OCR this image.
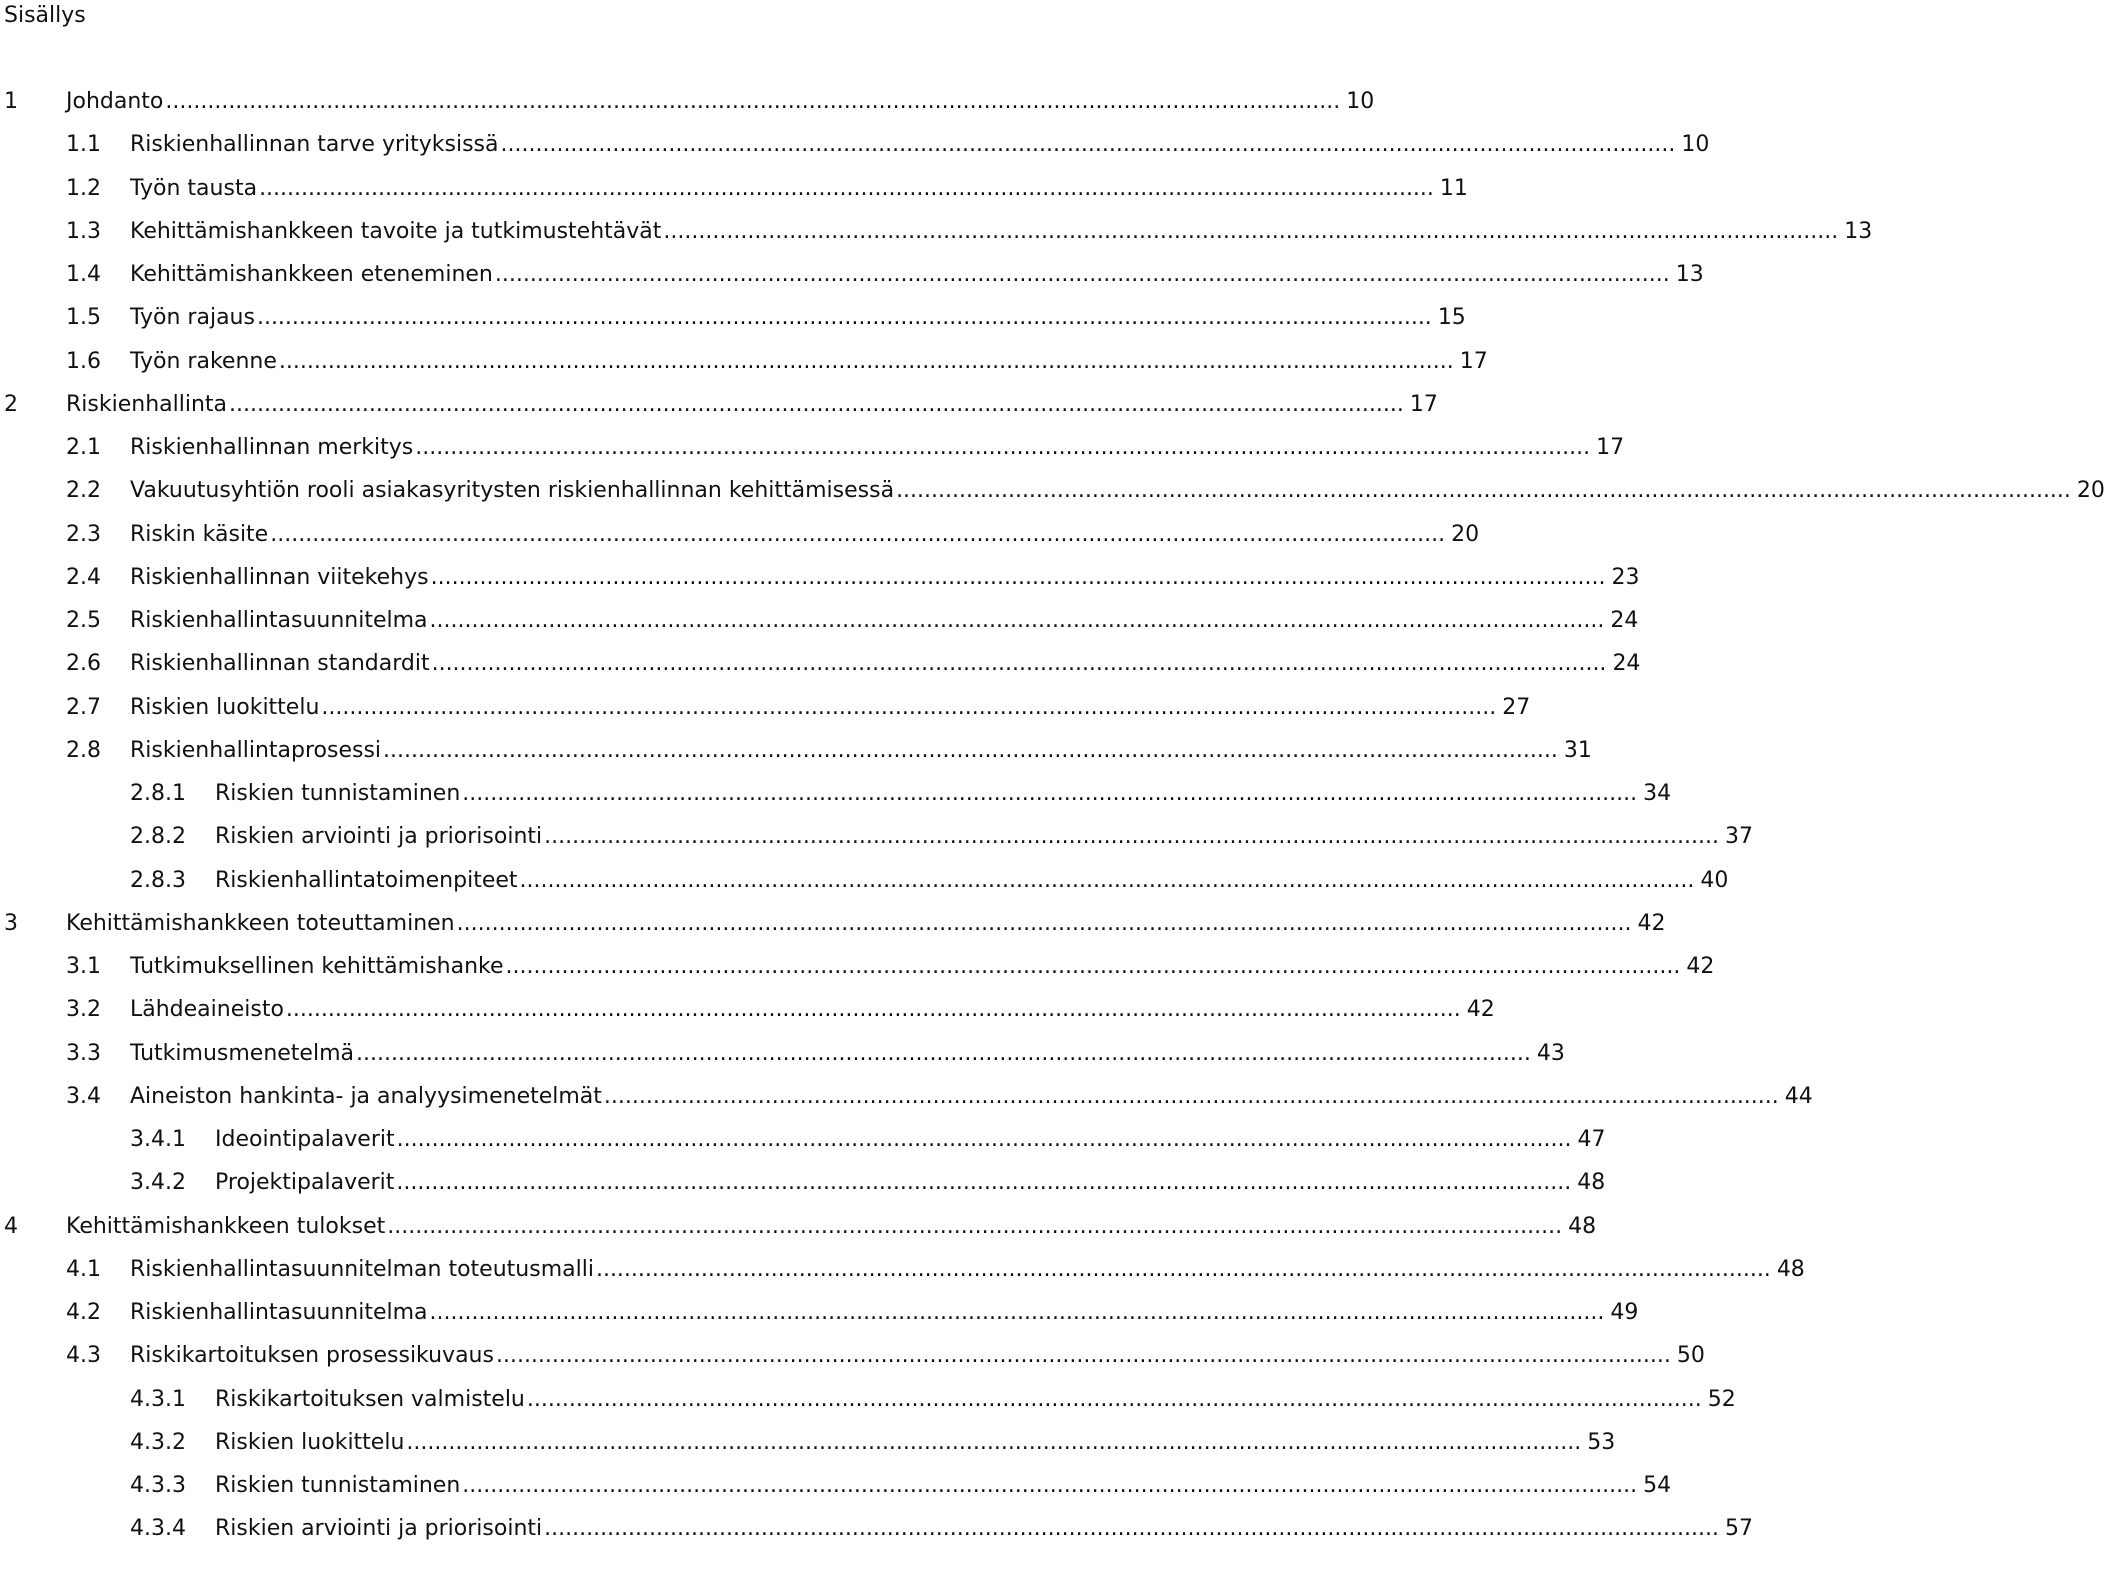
Sisällys
1 Johdanto ........................................................................................................................................................................ 10
1.1 Riskienhallinnan tarve yrityksissä ........................................................................................................................................................................ 10
1.2 Työn tausta ........................................................................................................................................................................ 11
1.3 Kehittämishankkeen tavoite ja tutkimustehtävät ........................................................................................................................................................................ 13
1.4 Kehittämishankkeen eteneminen ........................................................................................................................................................................ 13
1.5 Työn rajaus ........................................................................................................................................................................ 15
1.6 Työn rakenne ........................................................................................................................................................................ 17
2 Riskienhallinta ........................................................................................................................................................................ 17
2.1 Riskienhallinnan merkitys ........................................................................................................................................................................ 17
2.2 Vakuutusyhtiön rooli asiakasyritysten riskienhallinnan kehittämisessä ........................................................................................................................................................................ 20
2.3 Riskin käsite ........................................................................................................................................................................ 20
2.4 Riskienhallinnan viitekehys ........................................................................................................................................................................ 23
2.5 Riskienhallintasuunnitelma ........................................................................................................................................................................ 24
2.6 Riskienhallinnan standardit ........................................................................................................................................................................ 24
2.7 Riskien luokittelu ........................................................................................................................................................................ 27
2.8 Riskienhallintaprosessi ........................................................................................................................................................................ 31
2.8.1 Riskien tunnistaminen ........................................................................................................................................................................ 34
2.8.2 Riskien arviointi ja priorisointi ........................................................................................................................................................................ 37
2.8.3 Riskienhallintatoimenpiteet ........................................................................................................................................................................ 40
3 Kehittämishankkeen toteuttaminen ........................................................................................................................................................................ 42
3.1 Tutkimuksellinen kehittämishanke ........................................................................................................................................................................ 42
3.2 Lähdeaineisto ........................................................................................................................................................................ 42
3.3 Tutkimusmenetelmä ........................................................................................................................................................................ 43
3.4 Aineiston hankinta- ja analyysimenetelmät ........................................................................................................................................................................ 44
3.4.1 Ideointipalaverit ........................................................................................................................................................................ 47
3.4.2 Projektipalaverit ........................................................................................................................................................................ 48
4 Kehittämishankkeen tulokset ........................................................................................................................................................................ 48
4.1 Riskienhallintasuunnitelman toteutusmalli ........................................................................................................................................................................ 48
4.2 Riskienhallintasuunnitelma ........................................................................................................................................................................ 49
4.3 Riskikartoituksen prosessikuvaus ........................................................................................................................................................................ 50
4.3.1 Riskikartoituksen valmistelu ........................................................................................................................................................................ 52
4.3.2 Riskien luokittelu ........................................................................................................................................................................ 53
4.3.3 Riskien tunnistaminen ........................................................................................................................................................................ 54
4.3.4 Riskien arviointi ja priorisointi ........................................................................................................................................................................ 57
